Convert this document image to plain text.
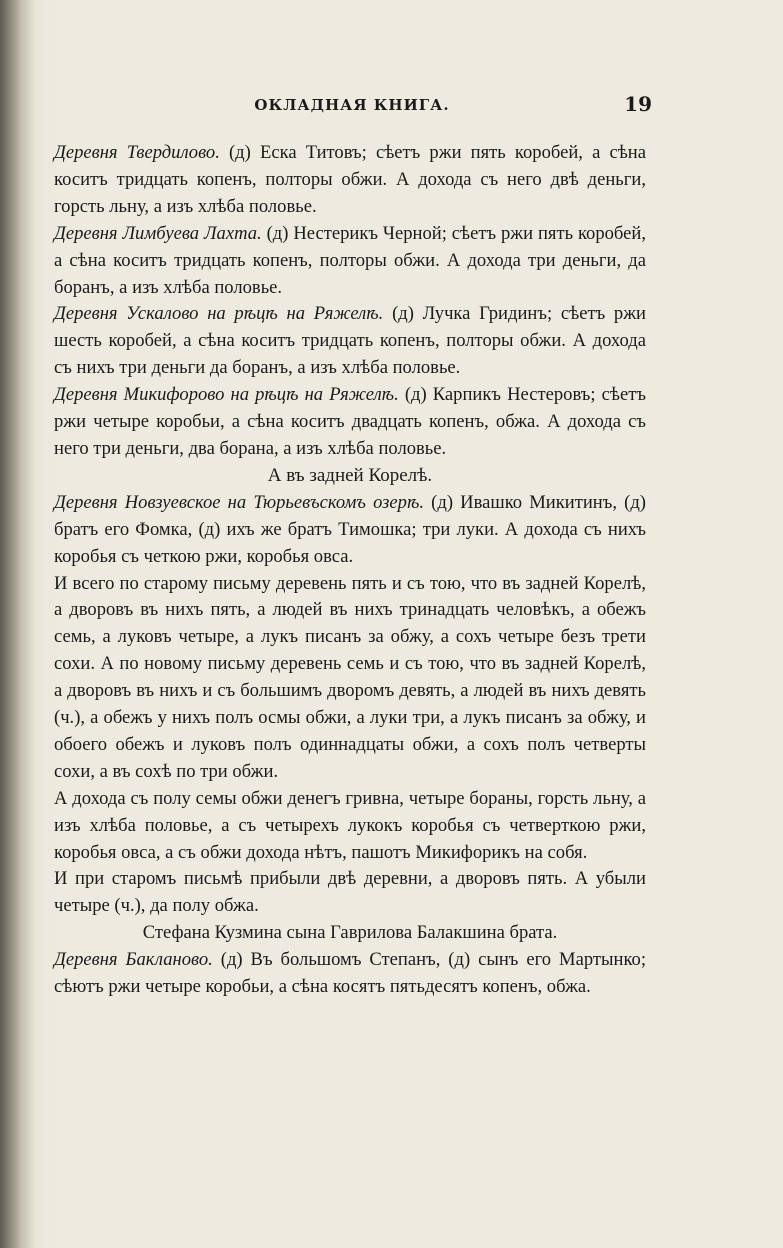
ОКЛАДНАЯ КНИГА.	19

Деревня Твердилово. (д) Еска Титовъ; сѣетъ ржи пять коробей, а сѣна коситъ тридцать копенъ, полторы обжи. А дохода съ него двѣ деньги, горсть льну, а изъ хлѣба половье.

Деревня Лимбуева Лахта. (д) Нестерикъ Черной; сѣетъ ржи пять коробей, а сѣна коситъ тридцать копенъ, полторы обжи. А дохода три деньги, да боранъ, а изъ хлѣба половье.

Деревня Ускалово на рѣцѣ на Ряжелѣ. (д) Лучка Гридинъ; сѣетъ ржи шесть коробей, а сѣна коситъ тридцать копенъ, полторы обжи. А дохода съ нихъ три деньги да боранъ, а изъ хлѣба половье.

Деревня Микифорово на рѣцѣ на Ряжелѣ. (д) Карпикъ Нестеровъ; сѣетъ ржи четыре коробьи, а сѣна коситъ двадцать копенъ, обжа. А дохода съ него три деньги, два борана, а изъ хлѣба половье.

А въ задней Корелѣ.

Деревня Новзуевское на Тюрьевъскомъ озерѣ. (д) Ивашко Микитинъ, (д) братъ его Фомка, (д) ихъ же братъ Тимошка; три луки. А дохода съ нихъ коробья съ четкою ржи, коробья овса.

И всего по старому письму деревень пять и съ тою, что въ задней Корелѣ, а дворовъ въ нихъ пять, а людей въ нихъ тринадцать человѣкъ, а обежъ семь, а луковъ четыре, а лукъ писанъ за обжу, а сохъ четыре безъ трети сохи. А по новому письму деревень семь и съ тою, что въ задней Корелѣ, а дворовъ въ нихъ и съ большимъ дворомъ девять, а людей въ нихъ девять (ч.), а обежъ у нихъ полъ осмы обжи, а луки три, а лукъ писанъ за обжу, и обоего обежъ и луковъ полъ одиннадцаты обжи, а сохъ полъ четверты сохи, а въ сохѣ по три обжи.

А дохода съ полу семы обжи денегъ гривна, четыре бораны, горсть льну, а изъ хлѣба половье, а съ четырехъ лукокъ коробья съ четверткою ржи, коробья овса, а съ обжи дохода нѣтъ, пашотъ Микифорикъ на собя.

И при старомъ письмѣ прибыли двѣ деревни, а дворовъ пять. А убыли четыре (ч.), да полу обжа.

Стефана Кузмина сына Гаврилова Балакшина брата.

Деревня Бакланово. (д) Въ большомъ Степанъ, (д) сынъ его Мартынко; сѣютъ ржи четыре коробьи, а сѣна косятъ пятьдесятъ копенъ, обжа.
